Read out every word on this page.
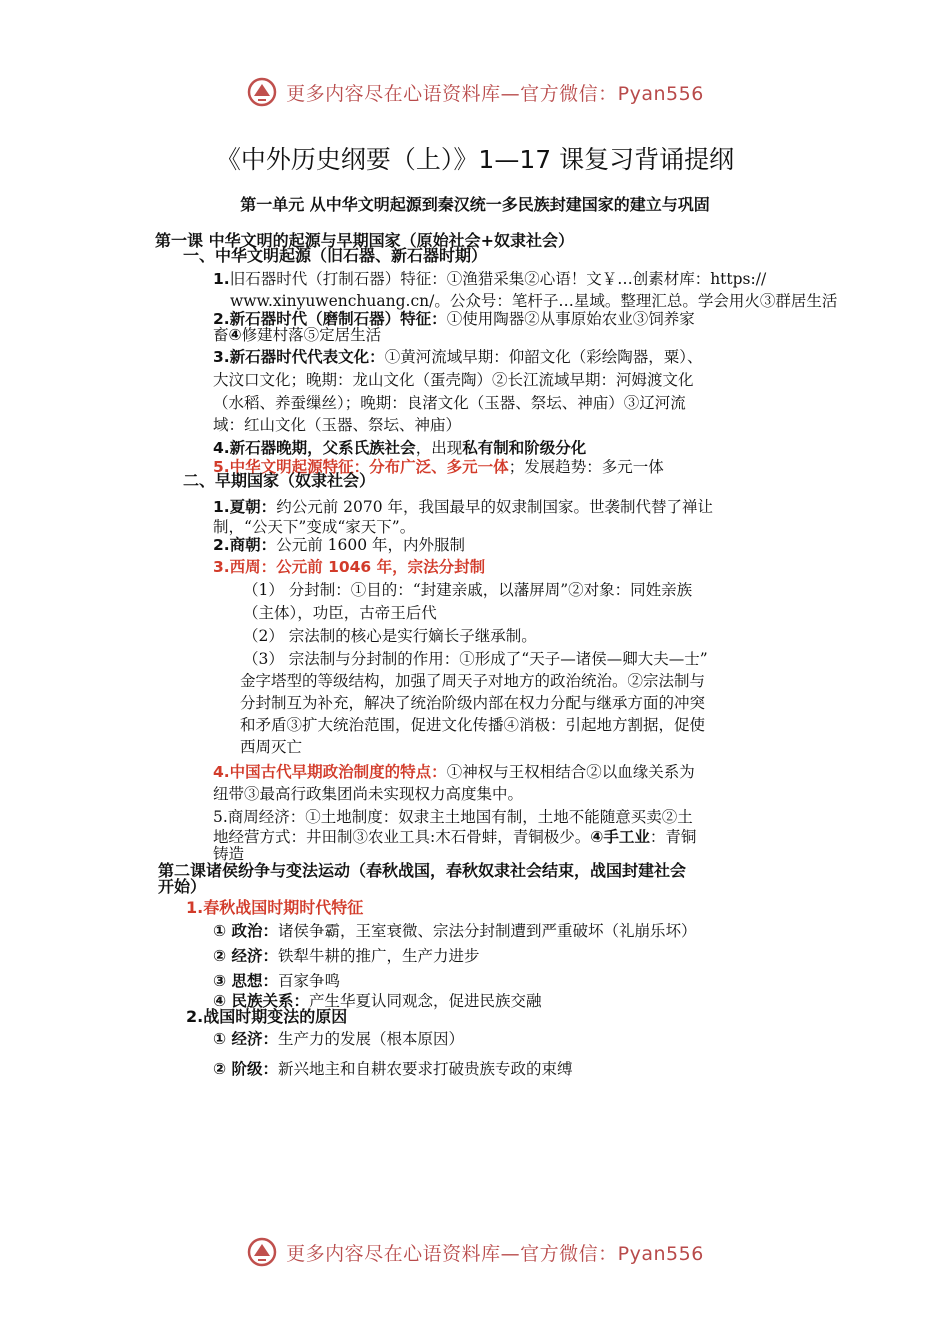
更多内容尽在心语资料库—官方微信：Pyan556
《中外历史纲要（上）》1—17 课复习背诵提纲
第一单元 从中华文明起源到秦汉统一多民族封建国家的建立与巩固
第一课 中华文明的起源与早期国家（原始社会+奴隶社会）
一、中华文明起源（旧石器、新石器时期）
1.旧石器时代（打制石器）特征：①渔猎采集②心语！文￥…创素材库：https://
www.xinyuwenchuang.cn/。公众号：笔杆子…星域。整理汇总。学会用火③群居生活
2.新石器时代（磨制石器）特征：①使用陶器②从事原始农业③饲养家
畜④修建村落⑤定居生活
3.新石器时代代表文化：①黄河流域早期：仰韶文化（彩绘陶器，粟）、
大汶口文化；晚期：龙山文化（蛋壳陶）②长江流域早期：河姆渡文化
（水稻、养蚕缫丝）；晚期：良渚文化（玉器、祭坛、神庙）③辽河流
域：红山文化（玉器、祭坛、神庙）
4.新石器晚期，父系氏族社会，出现私有制和阶级分化
5.中华文明起源特征：分布广泛、多元一体；发展趋势：多元一体
二、早期国家（奴隶社会）
1.夏朝：约公元前 2070 年，我国最早的奴隶制国家。世袭制代替了禅让
制，“公天下”变成“家天下”。
2.商朝：公元前 1600 年，内外服制
3.西周：公元前 1046 年，宗法分封制
（1） 分封制：①目的：“封建亲戚，以藩屏周”②对象：同姓亲族
（主体），功臣，古帝王后代
（2） 宗法制的核心是实行嫡长子继承制。
（3） 宗法制与分封制的作用：①形成了“天子—诸侯—卿大夫—士”
金字塔型的等级结构，加强了周天子对地方的政治统治。②宗法制与
分封制互为补充，解决了统治阶级内部在权力分配与继承方面的冲突
和矛盾③扩大统治范围，促进文化传播④消极：引起地方割据，促使
西周灭亡
4.中国古代早期政治制度的特点：①神权与王权相结合②以血缘关系为
纽带③最高行政集团尚未实现权力高度集中。
5.商周经济：①土地制度：奴隶主土地国有制，土地不能随意买卖②土
地经营方式：井田制③农业工具:木石骨蚌，青铜极少。④手工业：青铜
铸造
第二课诸侯纷争与变法运动（春秋战国，春秋奴隶社会结束，战国封建社会
开始）
1.春秋战国时期时代特征
① 政治：诸侯争霸，王室衰微、宗法分封制遭到严重破坏（礼崩乐坏）
② 经济：铁犁牛耕的推广，生产力进步
③ 思想：百家争鸣
④ 民族关系：产生华夏认同观念，促进民族交融
2.战国时期变法的原因
① 经济：生产力的发展（根本原因）
② 阶级：新兴地主和自耕农要求打破贵族专政的束缚
更多内容尽在心语资料库—官方微信：Pyan556
